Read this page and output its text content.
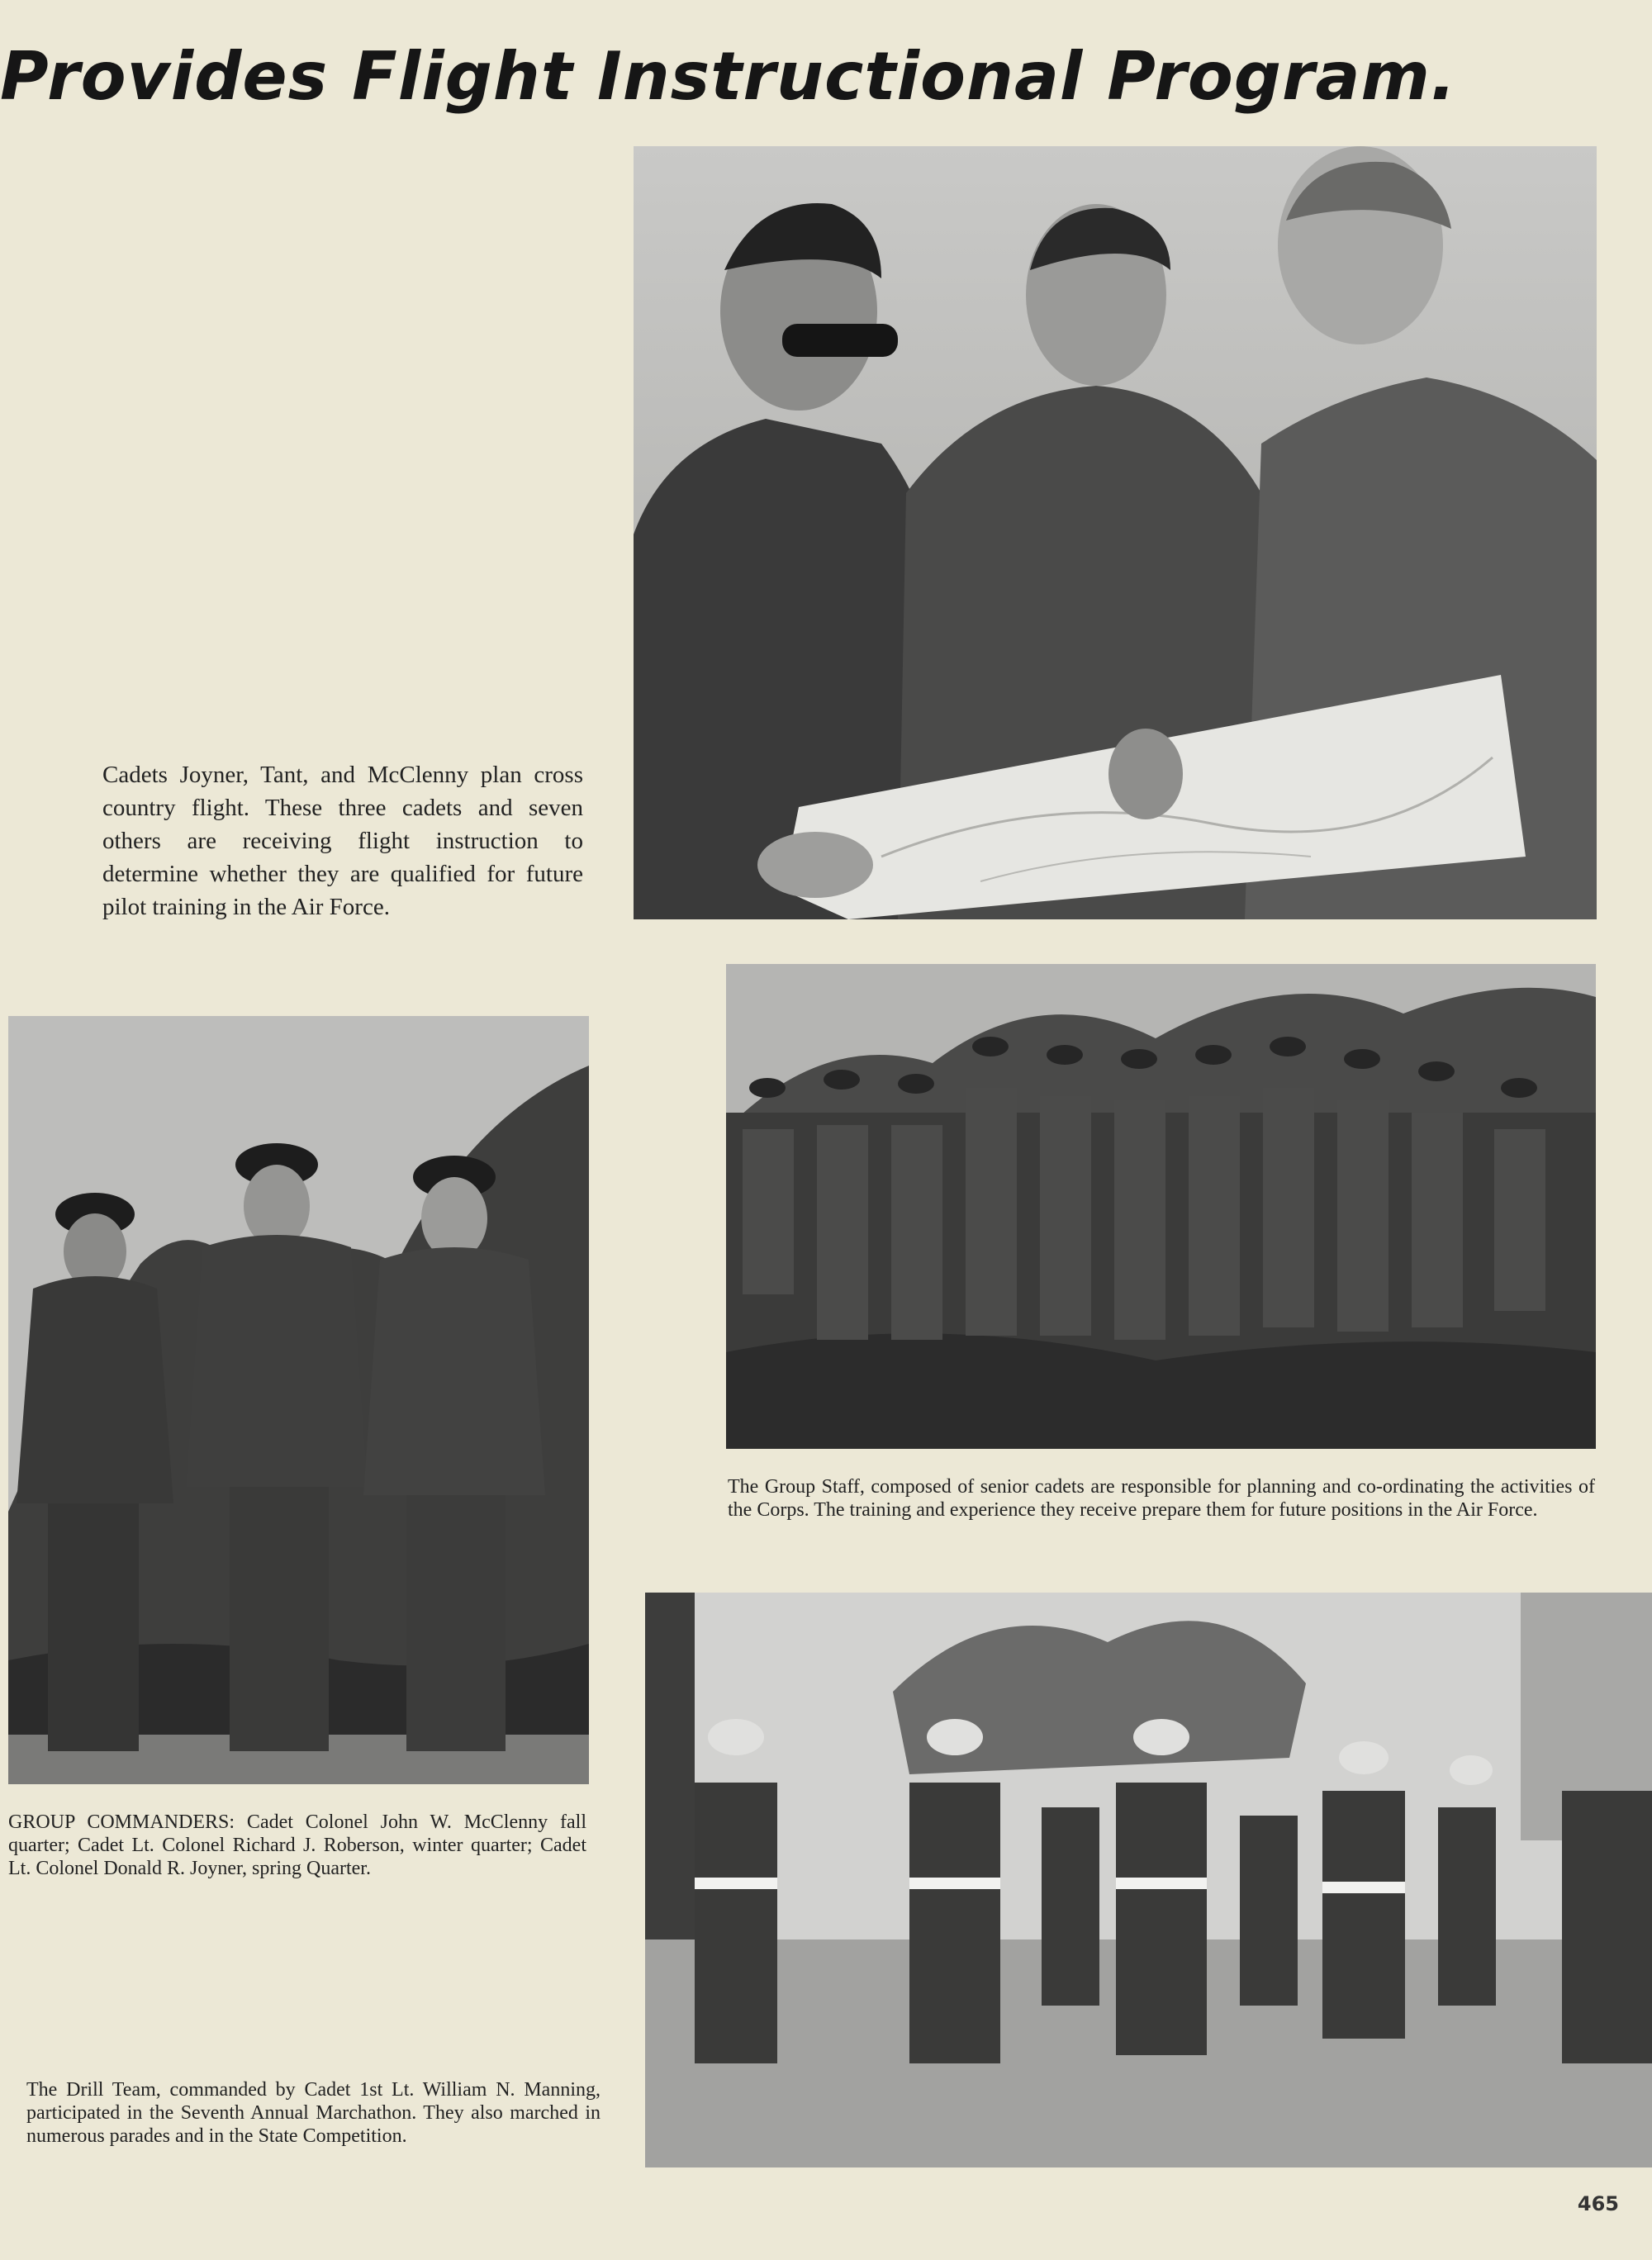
Provides Flight Instructional Program.

Cadets Joyner, Tant, and McClenny plan cross country flight. These three cadets and seven others are receiving flight instruction to determine whether they are qualified for future pilot training in the Air Force.

The Group Staff, composed of senior cadets are responsible for planning and co-ordinating the activities of the Corps. The training and experience they receive prepare them for future positions in the Air Force.

GROUP COMMANDERS: Cadet Colonel John W. McClenny fall quarter; Cadet Lt. Colonel Richard J. Roberson, winter quarter; Cadet Lt. Colonel Donald R. Joyner, spring Quarter.

The Drill Team, commanded by Cadet 1st Lt. William N. Manning, participated in the Seventh Annual Marchathon. They also marched in numerous parades and in the State Competition.

465
